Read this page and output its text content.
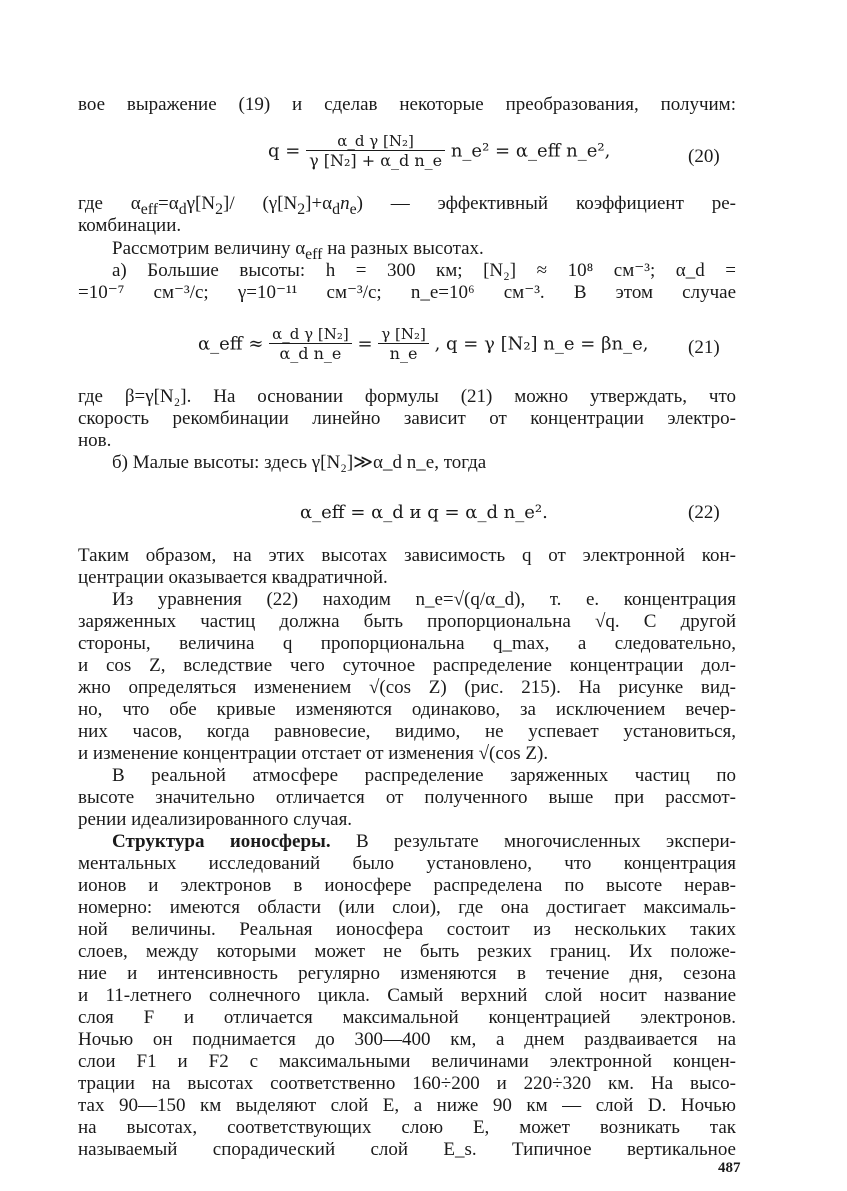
вое выражение (19) и сделав некоторые преобразования, получим:
$q = \frac{\text{α\_d γ [N₂]}}{\text{γ [N₂] + α\_d n\_e}}$ n_e² = α_eff n_e²,	(20)
где $\alpha_{eff}=\alpha_d\gamma[N_2]/$ $(\gamma[N_2]+\alpha_dn_e)$ — эффективный коэффициент ре-
комбинации.
Рассмотрим величину $\alpha_{eff}$ на разных высотах.
а) Большие высоты: h = 300 км; [N₂] ≈ 10⁸ см⁻³; α_d =
=10⁻⁷ см⁻³/с; γ=10⁻¹¹ см⁻³/с; n_e=10⁶ см⁻³. В этом случае
α_eff ≈ $\frac{\text{α\_d γ [N₂]}}{\text{α\_d n\_e}} = \frac{\text{γ [N₂]}}{n\_e}$ , q = γ [N₂] n_e = βn_e, (21)
где β=γ[N₂]. На основании формулы (21) можно утверждать, что
скорость рекомбинации линейно зависит от концентрации электро-
нов.
б) Малые высоты: здесь γ[N₂]≫α_d n_e, тогда
α_eff = α_d и q = α_d n_e².	(22)
Таким образом, на этих высотах зависимость q от электронной кон-
центрации оказывается квадратичной.
Из уравнения (22) находим n_e=√(q/α_d), т. е. концентрация
заряженных частиц должна быть пропорциональна √q. С другой
стороны, величина q пропорциональна q_max, а следовательно,
и cos Z, вследствие чего суточное распределение концентрации дол-
жно определяться изменением √(cos Z) (рис. 215). На рисунке вид-
но, что обе кривые изменяются одинаково, за исключением вечер-
них часов, когда равновесие, видимо, не успевает установиться,
и изменение концентрации отстает от изменения √(cos Z).
В реальной атмосфере распределение заряженных частиц по
высоте значительно отличается от полученного выше при рассмот-
рении идеализированного случая.
Структура ионосферы. В результате многочисленных экспери-
ментальных исследований было установлено, что концентрация
ионов и электронов в ионосфере распределена по высоте нерав-
номерно: имеются области (или слои), где она достигает максималь-
ной величины. Реальная ионосфера состоит из нескольких таких
слоев, между которыми может не быть резких границ. Их положе-
ние и интенсивность регулярно изменяются в течение дня, сезона
и 11-летнего солнечного цикла. Самый верхний слой носит название
слоя F и отличается максимальной концентрацией электронов.
Ночью он поднимается до 300—400 км, а днем раздваивается на
слои F1 и F2 с максимальными величинами электронной концен-
трации на высотах соответственно 160÷200 и 220÷320 км. На высо-
тах 90—150 км выделяют слой E, а ниже 90 км — слой D. Ночью
на высотах, соответствующих слою E, может возникать так
называемый спорадический слой E_s. Типичное вертикальное
487
